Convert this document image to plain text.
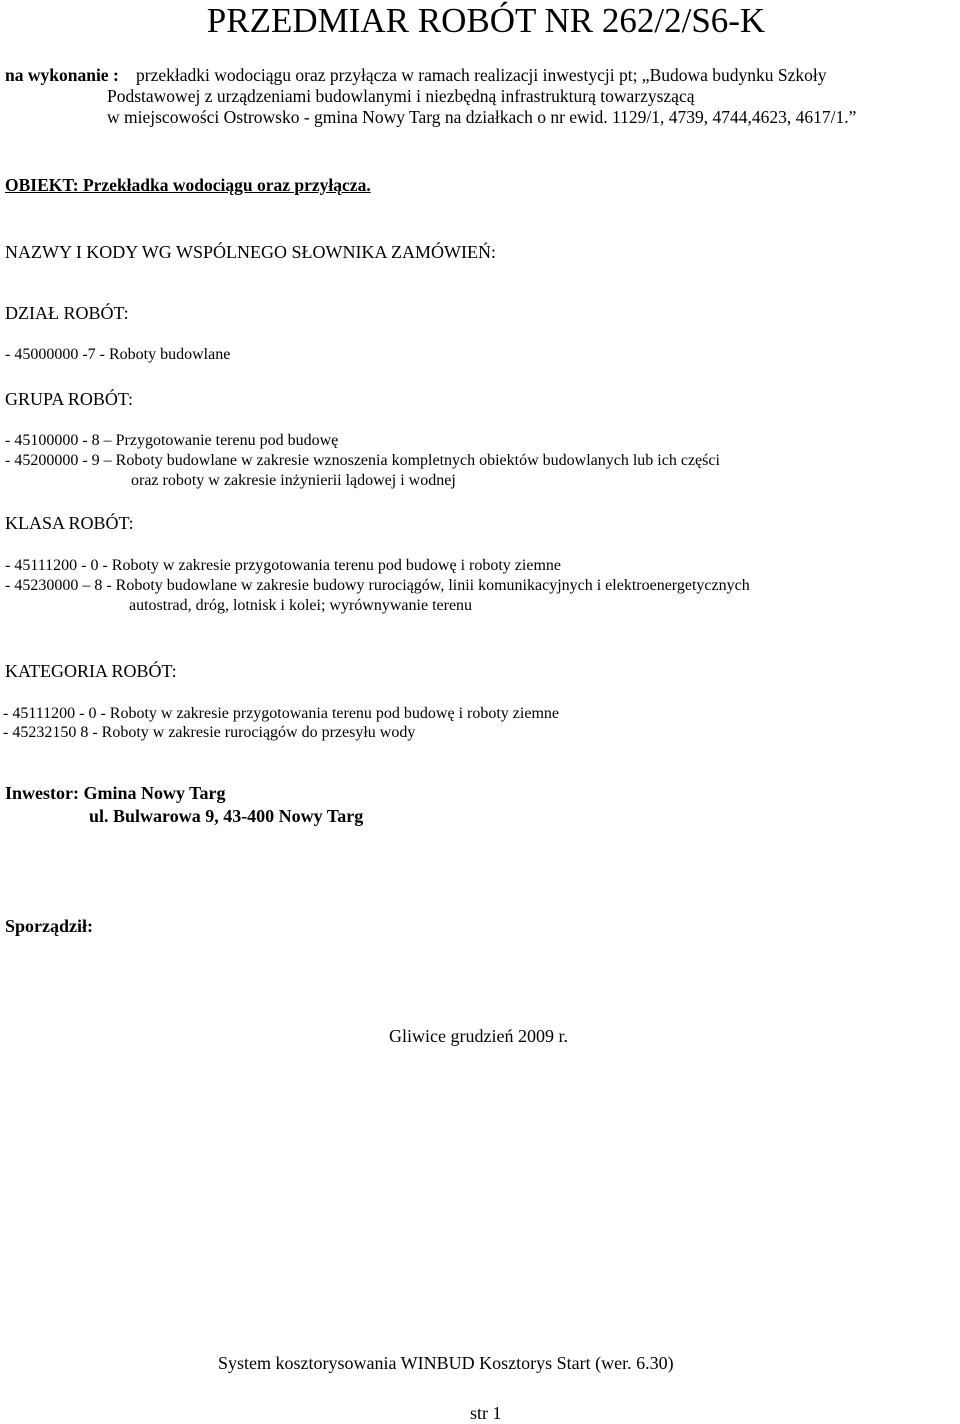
PRZEDMIAR ROBÓT NR 262/2/S6-K
na wykonanie : przekładki wodociągu oraz przyłącza w ramach realizacji inwestycji pt; „Budowa budynku Szkoły
Podstawowej z urządzeniami budowlanymi i niezbędną infrastrukturą towarzyszącą
w miejscowości Ostrowsko - gmina Nowy Targ na działkach o nr ewid. 1129/1, 4739, 4744,4623, 4617/1.”
OBIEKT: Przekładka wodociągu oraz przyłącza.
NAZWY I KODY WG WSPÓLNEGO SŁOWNIKA ZAMÓWIEŃ:
DZIAŁ ROBÓT:
- 45000000 -7 - Roboty budowlane
GRUPA ROBÓT:
- 45100000 - 8 – Przygotowanie terenu pod budowę
- 45200000 - 9 – Roboty budowlane w zakresie wznoszenia kompletnych obiektów budowlanych lub ich części
oraz roboty w zakresie inżynierii lądowej i wodnej
KLASA ROBÓT:
- 45111200 - 0 - Roboty w zakresie przygotowania terenu pod budowę i roboty ziemne
- 45230000 – 8 - Roboty budowlane w zakresie budowy rurociągów, linii komunikacyjnych i elektroenergetycznych
autostrad, dróg, lotnisk i kolei; wyrównywanie terenu
KATEGORIA ROBÓT:
- 45111200 - 0 - Roboty w zakresie przygotowania terenu pod budowę i roboty ziemne
- 45232150 8 - Roboty w zakresie rurociągów do przesyłu wody
Inwestor: Gmina Nowy Targ
ul. Bulwarowa 9, 43-400 Nowy Targ
Sporządził:
Gliwice grudzień 2009 r.
System kosztorysowania WINBUD Kosztorys Start (wer. 6.30)
str 1
